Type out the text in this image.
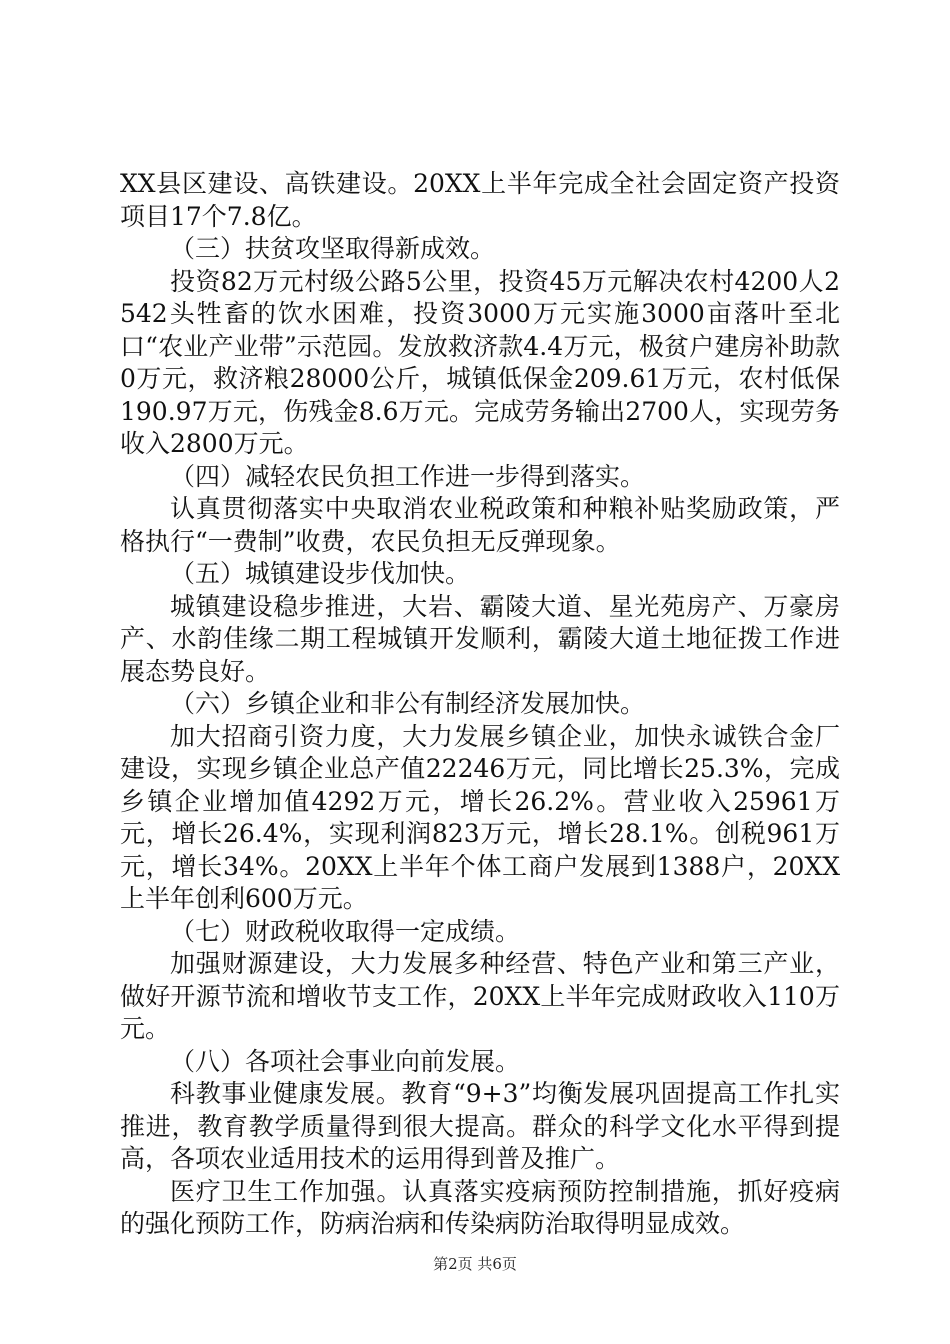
XX县区建设、高铁建设。20XX上半年完成全社会固定资产投资项目17个7.8亿。

（三）扶贫攻坚取得新成效。

投资82万元村级公路5公里，投资45万元解决农村4200人2542头牲畜的饮水困难，投资3000万元实施3000亩落叶至北口“农业产业带”示范园。发放救济款4.4万元，极贫户建房补助款0万元，救济粮28000公斤，城镇低保金209.61万元，农村低保190.97万元，伤残金8.6万元。完成劳务输出2700人，实现劳务收入2800万元。

（四）减轻农民负担工作进一步得到落实。

认真贯彻落实中央取消农业税政策和种粮补贴奖励政策，严格执行“一费制”收费，农民负担无反弹现象。

（五）城镇建设步伐加快。

城镇建设稳步推进，大岩、霸陵大道、星光苑房产、万豪房产、水韵佳缘二期工程城镇开发顺利，霸陵大道土地征拨工作进展态势良好。

（六）乡镇企业和非公有制经济发展加快。

加大招商引资力度，大力发展乡镇企业，加快永诚铁合金厂建设，实现乡镇企业总产值22246万元，同比增长25.3%，完成乡镇企业增加值4292万元，增长26.2%。营业收入25961万元，增长26.4%，实现利润823万元，增长28.1%。创税961万元，增长34%。20XX上半年个体工商户发展到1388户，20XX上半年创利600万元。

（七）财政税收取得一定成绩。

加强财源建设，大力发展多种经营、特色产业和第三产业，做好开源节流和增收节支工作，20XX上半年完成财政收入110万元。

（八）各项社会事业向前发展。

科教事业健康发展。教育“9+3”均衡发展巩固提高工作扎实推进，教育教学质量得到很大提高。群众的科学文化水平得到提高，各项农业适用技术的运用得到普及推广。

医疗卫生工作加强。认真落实疫病预防控制措施，抓好疫病的强化预防工作，防病治病和传染病防治取得明显成效。

第2页 共6页
